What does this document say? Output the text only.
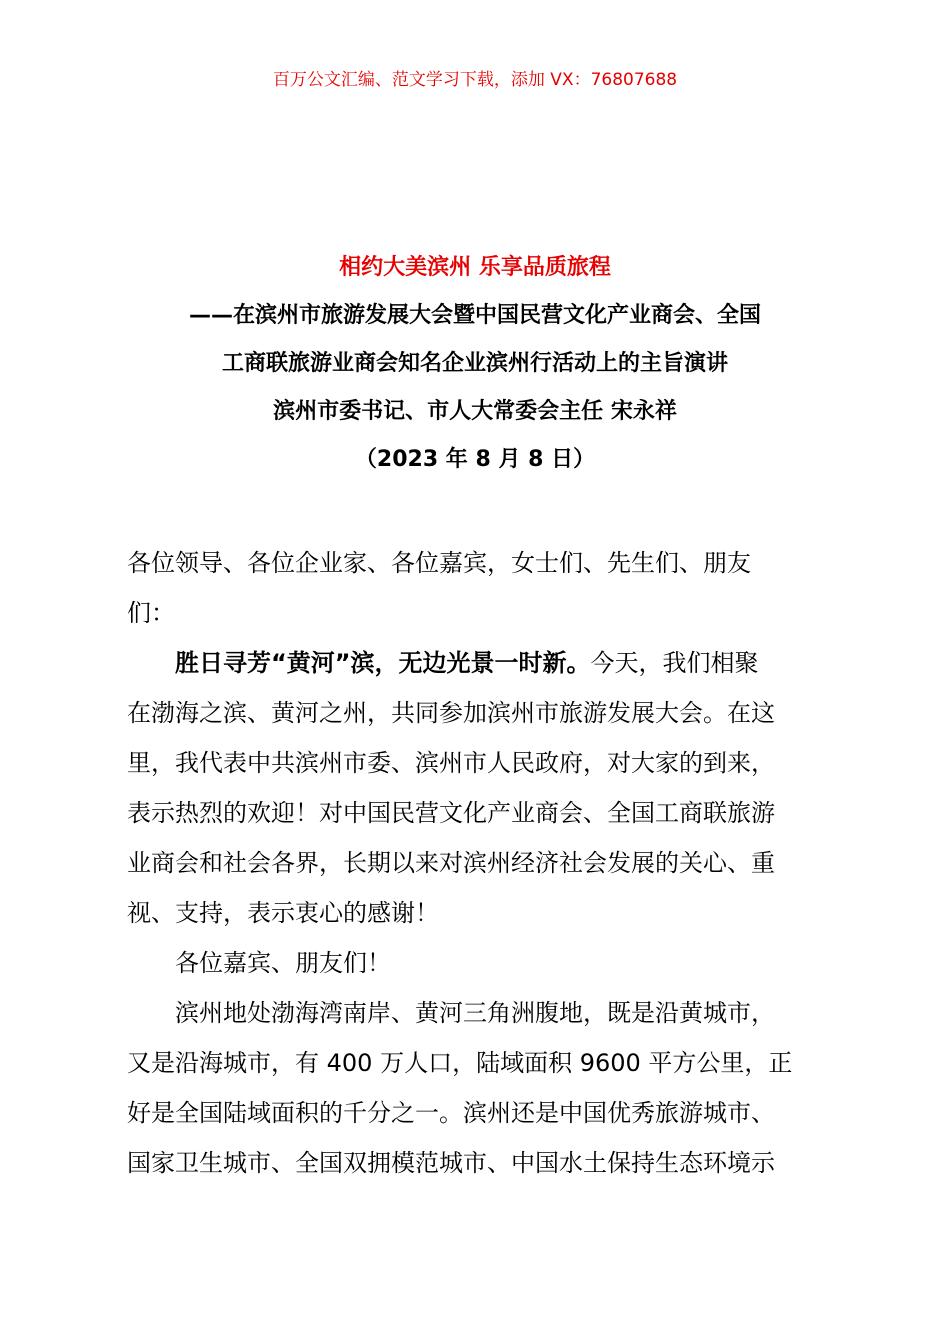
百万公文汇编、范文学习下载，添加 VX：76807688
相约大美滨州 乐享品质旅程
——在滨州市旅游发展大会暨中国民营文化产业商会、全国
工商联旅游业商会知名企业滨州行活动上的主旨演讲
滨州市委书记、市人大常委会主任 宋永祥
（2023 年 8 月 8 日）
各位领导、各位企业家、各位嘉宾，女士们、先生们、朋友
们：
胜日寻芳“黄河”滨，无边光景一时新。今天，我们相聚
在渤海之滨、黄河之州，共同参加滨州市旅游发展大会。在这
里，我代表中共滨州市委、滨州市人民政府，对大家的到来，
表示热烈的欢迎！对中国民营文化产业商会、全国工商联旅游
业商会和社会各界，长期以来对滨州经济社会发展的关心、重
视、支持，表示衷心的感谢！
各位嘉宾、朋友们！
滨州地处渤海湾南岸、黄河三角洲腹地，既是沿黄城市，
又是沿海城市，有 400 万人口，陆域面积 9600 平方公里，正
好是全国陆域面积的千分之一。滨州还是中国优秀旅游城市、
国家卫生城市、全国双拥模范城市、中国水土保持生态环境示
